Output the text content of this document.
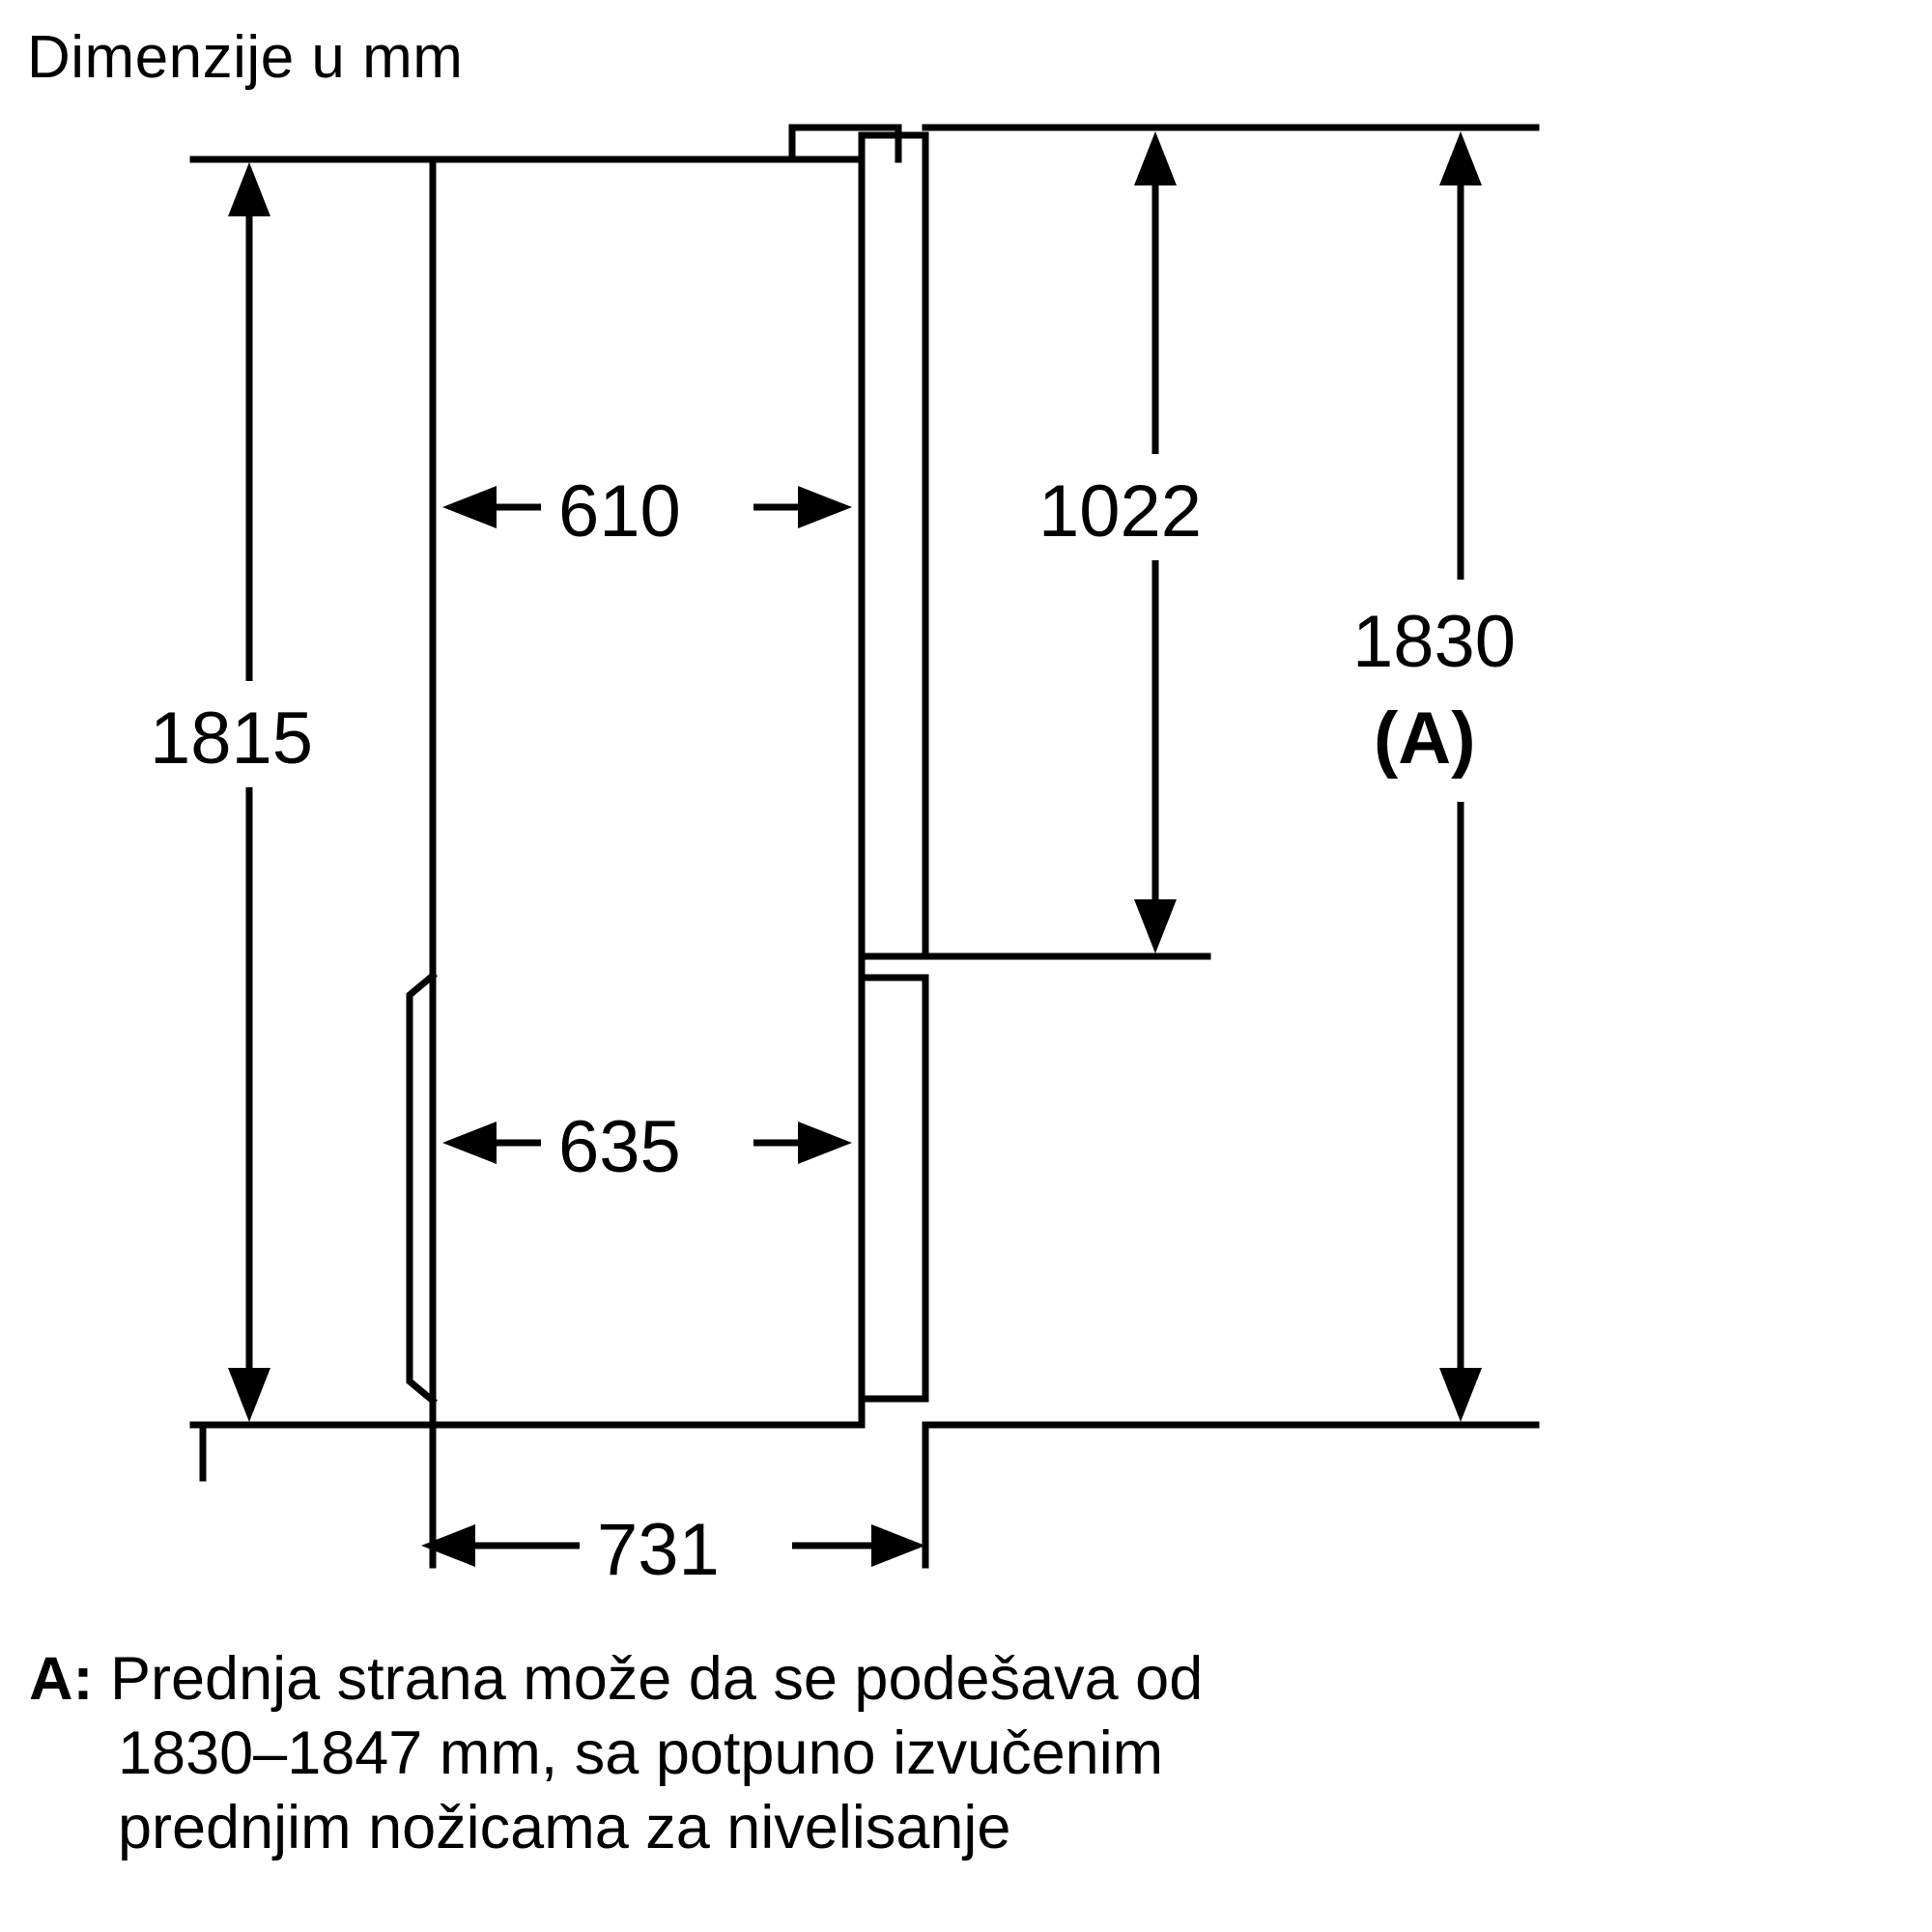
Dimenzije u mm
1815
610	1022
1830
(A)
635
731
A: Prednja strana može da se podešava od
1830–1847 mm, sa potpuno izvučenim
prednjim nožicama za nivelisanje
